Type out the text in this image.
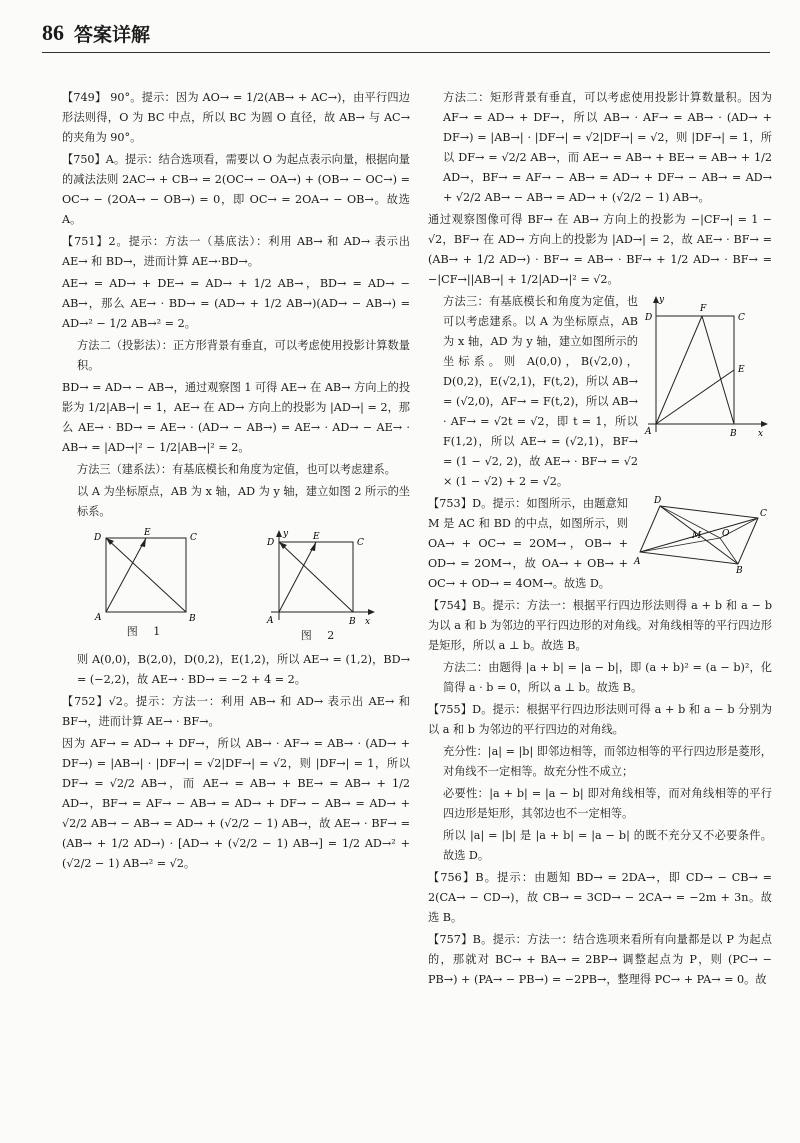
86 答案详解

【749】 90°。提示：因为 AO→ = 1/2(AB→ + AC→)，由平行四边形法则得，O 为 BC 中点，所以 BC 为圆 O 直径，故 AB→ 与 AC→ 的夹角为 90°。

【750】A。提示：结合选项看，需要以 O 为起点表示向量，根据向量的减法法则 2AC→ + CB→ = 2(OC→ − OA→) + (OB→ − OC→) = OC→ − (2OA→ − OB→) = 0，即 OC→ = 2OA→ − OB→。故选 A。

【751】2。提示：方法一（基底法）：利用 AB→ 和 AD→ 表示出 AE→ 和 BD→，进而计算 AE→·BD→。

AE→ = AD→ + DE→ = AD→ + 1/2 AB→，BD→ = AD→ − AB→，那么 AE→ · BD→ = (AD→ + 1/2 AB→)(AD→ − AB→) = AD→² − 1/2 AB→² = 2。

方法二（投影法）：正方形背景有垂直，可以考虑使用投影计算数量积。

BD→ = AD→ − AB→，通过观察图 1 可得 AE→ 在 AB→ 方向上的投影为 1/2|AB→| = 1，AE→ 在 AD→ 方向上的投影为 |AD→| = 2，那么 AE→ · BD→ = AE→ · (AD→ − AB→) = AE→ · AD→ − AE→ · AB→ = |AD→|² − 1/2|AB→|² = 2。

方法三（建系法）：有基底模长和角度为定值，也可以考虑建系。

以 A 为坐标原点，AB 为 x 轴，AD 为 y 轴，建立如图 2 所示的坐标系。

D	E	C
A	B
图 1
y
D
E
C
A	B x
图 2

则 A(0,0)，B(2,0)，D(0,2)，E(1,2)，所以 AE→ = (1,2)，BD→ = (−2,2)，故 AE→ · BD→ = −2 + 4 = 2。

【752】√2。提示：方法一：利用 AB→ 和 AD→ 表示出 AE→ 和 BF→，进而计算 AE→ · BF→。

因为 AF→ = AD→ + DF→，所以 AB→ · AF→ = AB→ · (AD→ + DF→) = |AB→| · |DF→| = √2|DF→| = √2，则 |DF→| = 1，所以 DF→ = √2/2 AB→，而 AE→ = AB→ + BE→ = AB→ + 1/2 AD→，BF→ = AF→ − AB→ = AD→ + DF→ − AB→ = AD→ + √2/2 AB→ − AB→ = AD→ + (√2/2 − 1) AB→，故 AE→ · BF→ = (AB→ + 1/2 AD→) · [AD→ + (√2/2 − 1) AB→] = 1/2 AD→² + (√2/2 − 1) AB→² = √2。

方法二：矩形背景有垂直，可以考虑使用投影计算数量积。因为 AF→ = AD→ + DF→，所以 AB→ · AF→ = AB→ · (AD→ + DF→) = |AB→| · |DF→| = √2|DF→| = √2，则 |DF→| = 1，所以 DF→ = √2/2 AB→，而 AE→ = AB→ + BE→ = AB→ + 1/2 AD→，BF→ = AF→ − AB→ = AD→ + DF→ − AB→ = AD→ + √2/2 AB→ − AB→ = AD→ + (√2/2 − 1) AB→。

通过观察图像可得 BF→ 在 AB→ 方向上的投影为 −|CF→| = 1 − √2，BF→ 在 AD→ 方向上的投影为 |AD→| = 2，故 AE→ · BF→ = (AB→ + 1/2 AD→) · BF→ = AB→ · BF→ + 1/2 AD→ · BF→ = −|CF→||AB→| + 1/2|AD→|² = √2。

方法三：有基底模长和角度为定值，也可以考虑建系。以 A 为坐标原点，AB 为 x 轴，AD 为 y 轴，建立如图所示的坐标系。则 A(0,0)，B(√2,0)，D(0,2)，E(√2,1)，F(t,2)，所以 AB→ = (√2,0)，AF→ = F(t,2)，所以 AB→ · AF→ = √2t = √2，即 t = 1，所以 F(1,2)，所以 AE→ = (√2,1)，BF→ = (1 − √2, 2)，故 AE→ · BF→ = √2 × (1 − √2) + 2 = √2。

y
D
F
C
E
A	B x

【753】D。提示：如图所示，由题意知 M 是 AC 和 BD 的中点，如图所示，则 OA→ + OC→ = 2OM→，OB→ + OD→ = 2OM→，故 OA→ + OB→ + OC→ + OD→ = 4OM→。故选 D。

D
C
M O
A
B

【754】B。提示：方法一：根据平行四边形法则得 a + b 和 a − b 为以 a 和 b 为邻边的平行四边形的对角线。对角线相等的平行四边形是矩形，所以 a ⊥ b。故选 B。

方法二：由题得 |a + b| = |a − b|，即 (a + b)² = (a − b)²，化简得 a · b = 0，所以 a ⊥ b。故选 B。

【755】D。提示：根据平行四边形法则可得 a + b 和 a − b 分别为以 a 和 b 为邻边的平行四边的对角线。

充分性：|a| = |b| 即邻边相等，而邻边相等的平行四边形是菱形，对角线不一定相等。故充分性不成立；

必要性：|a + b| = |a − b| 即对角线相等，而对角线相等的平行四边形是矩形，其邻边也不一定相等。

所以 |a| = |b| 是 |a + b| = |a − b| 的既不充分又不必要条件。故选 D。

【756】B。提示：由题知 BD→ = 2DA→，即 CD→ − CB→ = 2(CA→ − CD→)，故 CB→ = 3CD→ − 2CA→ = −2m + 3n。故选 B。

【757】B。提示：方法一：结合选项来看所有向量都是以 P 为起点的，那就对 BC→ + BA→ = 2BP→ 调整起点为 P，则 (PC→ − PB→) + (PA→ − PB→) = −2PB→，整理得 PC→ + PA→ = 0。故
